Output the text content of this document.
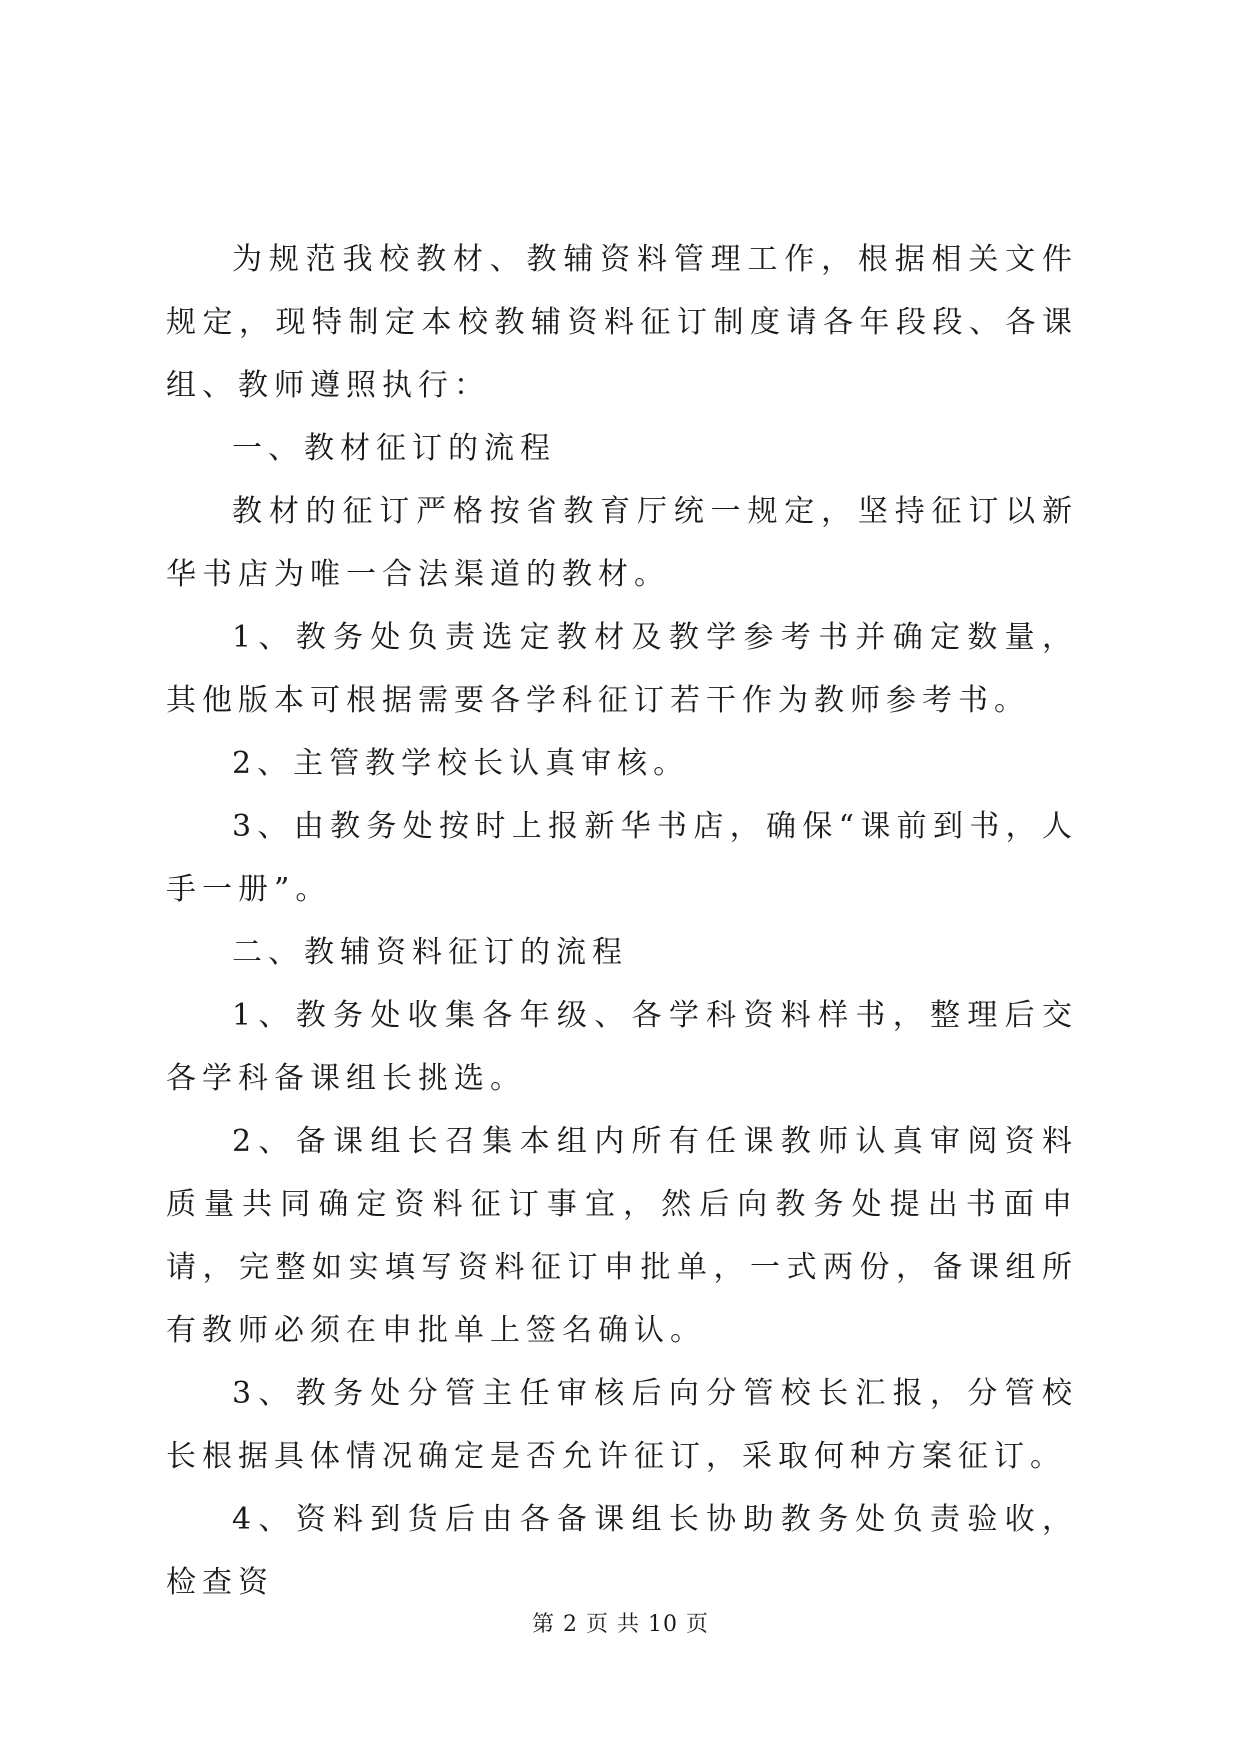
为规范我校教材、教辅资料管理工作，根据相关文件规定，现特制定本校教辅资料征订制度请各年段段、各课组、教师遵照执行：

一、教材征订的流程

教材的征订严格按省教育厅统一规定，坚持征订以新华书店为唯一合法渠道的教材。

1、教务处负责选定教材及教学参考书并确定数量，其他版本可根据需要各学科征订若干作为教师参考书。

2、主管教学校长认真审核。

3、由教务处按时上报新华书店，确保“课前到书，人手一册”。

二、教辅资料征订的流程

1、教务处收集各年级、各学科资料样书，整理后交各学科备课组长挑选。

2、备课组长召集本组内所有任课教师认真审阅资料质量共同确定资料征订事宜，然后向教务处提出书面申请，完整如实填写资料征订申批单，一式两份，备课组所有教师必须在申批单上签名确认。

3、教务处分管主任审核后向分管校长汇报，分管校长根据具体情况确定是否允许征订，采取何种方案征订。

4、资料到货后由各备课组长协助教务处负责验收，检查资

第 2 页 共 10 页
